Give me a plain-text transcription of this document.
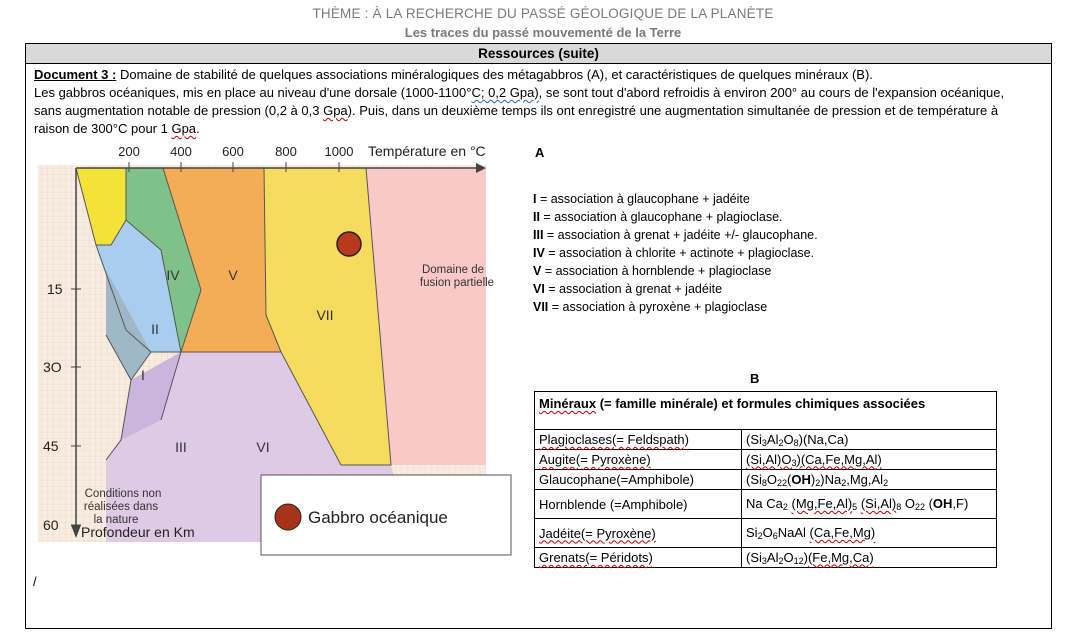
THÈME : À LA RECHERCHE DU PASSÉ GÉOLOGIQUE DE LA PLANÈTE
Les traces du passé mouvementé de la Terre
Ressources (suite)
Document 3 : Domaine de stabilité de quelques associations minéralogiques des métagabbros (A), et caractéristiques de quelques minéraux (B).
Les gabbros océaniques, mis en place au niveau d'une dorsale (1000-1100°C; 0,2 Gpa), se sont tout d'abord refroidis à environ 200° au cours de l'expansion océanique,
sans augmentation notable de pression (0,2 à 0,3 Gpa). Puis, dans un deuxième temps ils ont enregistré une augmentation simultanée de pression et de température à
raison de 300°C pour 1 Gpa.
200 400 600 800 1000 Température en °C
15
3O
45
60
IV	V
II
I
VII
III	VI
Domaine de
fusion partielle
Conditions non
réalisées dans
la nature	Gabbro océanique
Profondeur en Km
A
I = association à glaucophane + jadéite
II = association à glaucophane + plagioclase.
III = association à grenat + jadéite +/- glaucophane.
IV = association à chlorite + actinote + plagioclase.
V = association à hornblende + plagioclase
VI = association à grenat + jadéite
VII = association à pyroxène + plagioclase
B
Minéraux (= famille minérale) et formules chimiques associées	
Plagioclases(= Feldspath)	$(Si_3Al_2O_8)(Na,Ca)$
Augite(= Pyroxène)	$(Si,Al)O_3)(Ca,Fe,Mg,Al)$
Glaucophane(=Amphibole)	$(Si_8O_{22}(OH)_2)Na_2,Mg,Al_2$
Hornblende (=Amphibole)	Na $Ca_2$ $(Mg,Fe,Al)_5$ $(Si,Al)_8$ $O_{22}$ (OH,F)
Jadéite(= Pyroxène)	$Si_2O_6NaAl$ (Ca,Fe,Mg)
Grenats(= Péridots)	$(Si_3Al_2O_{12})(Fe,Mg,Ca)$
/
